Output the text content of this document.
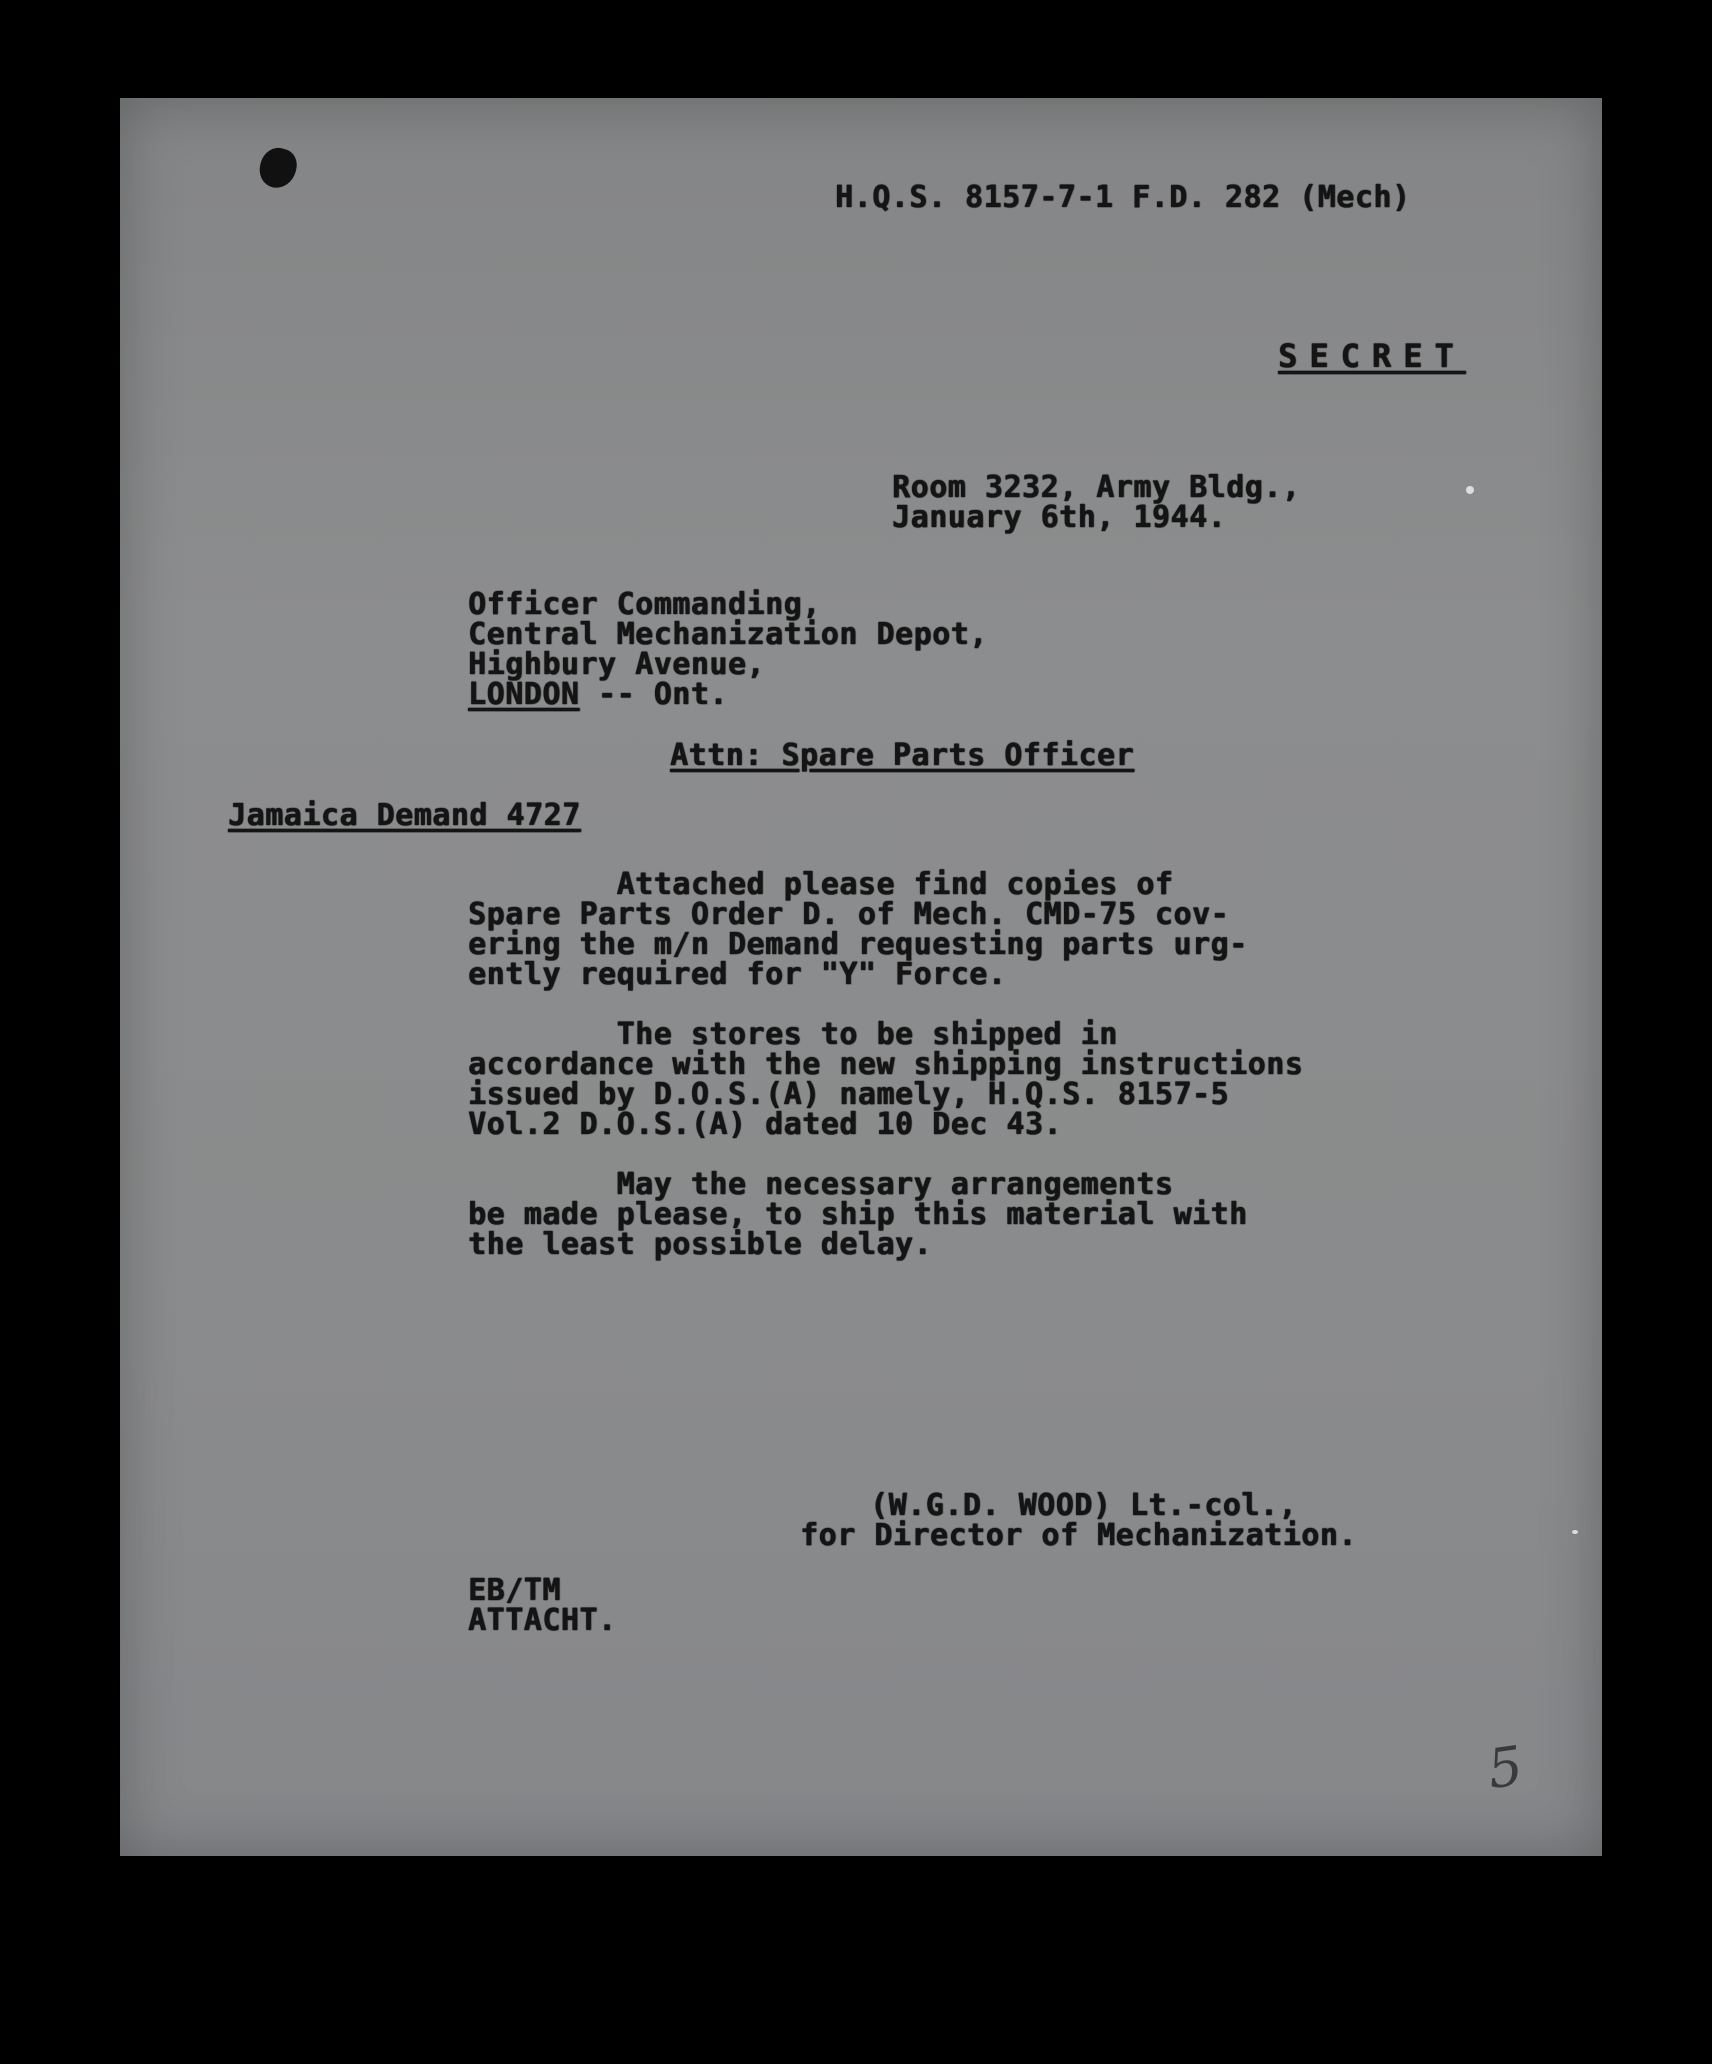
H.Q.S. 8157-7-1 F.D. 282 (Mech)
SECRET
Room 3232, Army Bldg.,
January 6th, 1944.
Officer Commanding,
Central Mechanization Depot,
Highbury Avenue,
LONDON -- Ont.
Attn: Spare Parts Officer
Jamaica Demand 4727
Attached please find copies of
Spare Parts Order D. of Mech. CMD-75 cov-
ering the m/n Demand requesting parts urg-
ently required for "Y" Force.
The stores to be shipped in
accordance with the new shipping instructions
issued by D.O.S.(A) namely, H.Q.S. 8157-5
Vol.2 D.O.S.(A) dated 10 Dec 43.
May the necessary arrangements
be made please, to ship this material with
the least possible delay.
(W.G.D. WOOD) Lt.-col.,
for Director of Mechanization.
EB/TM
ATTACHT.
5
